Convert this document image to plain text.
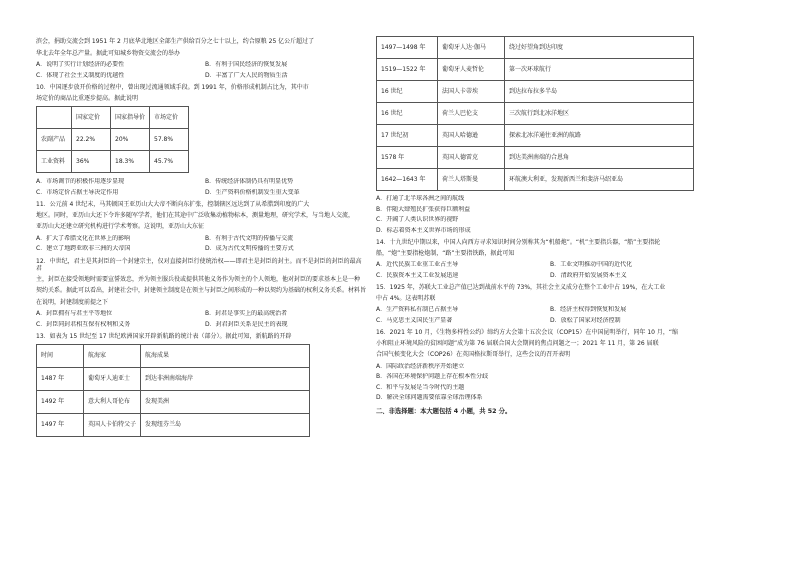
滨会，捐助交流会到 1951 年 2 月底华北地区全部生产供给百分之七十以上，约合原粮 25 亿公斤超过了

华北去年全年总产量。据此可知城乡物资交流会的举办

A．说明了实行计划经济的必要性	B．有利于国民经济的恢复发展
C．体现了社会主义制度的优越性	D．丰富了广大人民的物质生活

10．中国逐步放开价格的过程中，曾出现过流通领域手段。到 1991 年，价格形成机制占比为，其中市

场定价的商品比重逐步提高。据此说明

	国家定价	国家指导价	市场定价
农副产品	22.2%	20%	57.8%
工业资料	36%	18.3%	45.7%
A．市场调节的积极作用逐步显现	B．传统经济体制仍具有明显优势
C．市场定价占据主导决定作用	D．生产资料价格机制发生重大变革

11．公元前 4 世纪末，马其顿国王亚历山大大帝不断向东扩张，控制辖区远达到了从希腊到印度的广大

地区。同时，亚历山大还下令许多随军学者，他们在其途中广泛收集动植物标本，测量地理，研究学术，与当地人交流，

亚历山大还建立研究机构进行学术考察。这说明，亚历山大东征

A．扩大了希腊文化在世界上的影响	B．有利于古代文明的传播与交流
C．建立了地跨亚欧非三洲的大帝国	D．成为古代文明传播的主要方式

12．中世纪，君主是其封臣的一个封建宗主，仅对直接封臣行使统治权——即君主是封臣的封主。而不是封臣的封臣的最高君

主，封臣在接受领地时需要宣誓效忠，并为领主服兵役或提供其他义务作为领主的个人领地，他对封臣的要求基本上是一种

契约关系。据此可以看出，封建社会中，封建领主制度是在领主与封臣之间形成的一种以契约为基础的权利义务关系。材料旨

在说明，封建制度前提之下

A．封臣拥有与君主平等地位	B．封君是事实上的最高统治者
C．封臣同封君相互保有权利和义务	D．封君封臣关系是民主的表现

13．如表为 15 世纪至 17 世纪欧洲国家开辟新航路的统计表（部分）。据此可知，新航路的开辟

时间	航海家	航海成果
1487 年	葡萄牙人迪亚士	到达非洲南端海岸
1492 年	意大利人哥伦布	发现美洲
1497 年	英国人卡伯特父子	发现纽芬兰岛
1497—1498 年	葡萄牙人达·伽马	绕过好望角到达印度
1519—1522 年	葡萄牙人麦哲伦	第一次环球航行
16 世纪	法国人卡蒂埃	到达拉布拉多半岛
16 世纪	荷兰人巴伦支	三次航行到北冰洋地区
17 世纪初	英国人哈德逊	探索北冰洋通往亚洲的航路
1578 年	英国人德雷克	到达美洲南端的合恩角
1642—1643 年	荷兰人塔斯曼	环航澳大利亚，发现新西兰和斐济马绍亚岛
A．打通了北半球各洲之间的航线
B．伴随大肆殖民扩张获得巨额利益
C．开阔了人类认识世界的视野
D．标志着资本主义世界市场的形成

14．十九世纪中期以来，中国人向西方寻求知识时间分别称其为“机船炮”。“机”主要指兵器，“船”主要指轮

船，“炮”主要指枪炮制，“路”主要指铁路，据此可知

A．近代民族工业重工业占主导	B．工业文明推动中国的近代化
C．民族资本主义工业发展迅速	D．清政府开始发展资本主义

15．1925 年，苏联大工业总产值已达到战前水平的 73%，其社会主义成分在整个工业中占 19%，在大工业

中占 4%。这表明苏联

A．生产资料私有制已占据主导	B．经济主权得到恢复和发展
C．马克思主义国民生产显著	D．放松了国家对经济控制

16．2021 年 10 月，《生物多样性公约》缔约方大会第十五次会议（COP15）在中国昆明举行，同年 10 月，“缩

小和阻止环境风险的贫困问题”成为第 76 届联合国大会期间的焦点问题之一；2021 年 11 月，第 26 届联

合国气候变化大会（COP26）在英国格拉斯哥举行，这些会议的召开表明

A．国际政治经济新秩序开始建立
B．各国在环境保护问题上存在根本性分歧
C．和平与发展是当今时代的主题
D．解决全球问题需要依靠全球治理体系

二、非选择题：本大题包括 4 小题，共 52 分。
